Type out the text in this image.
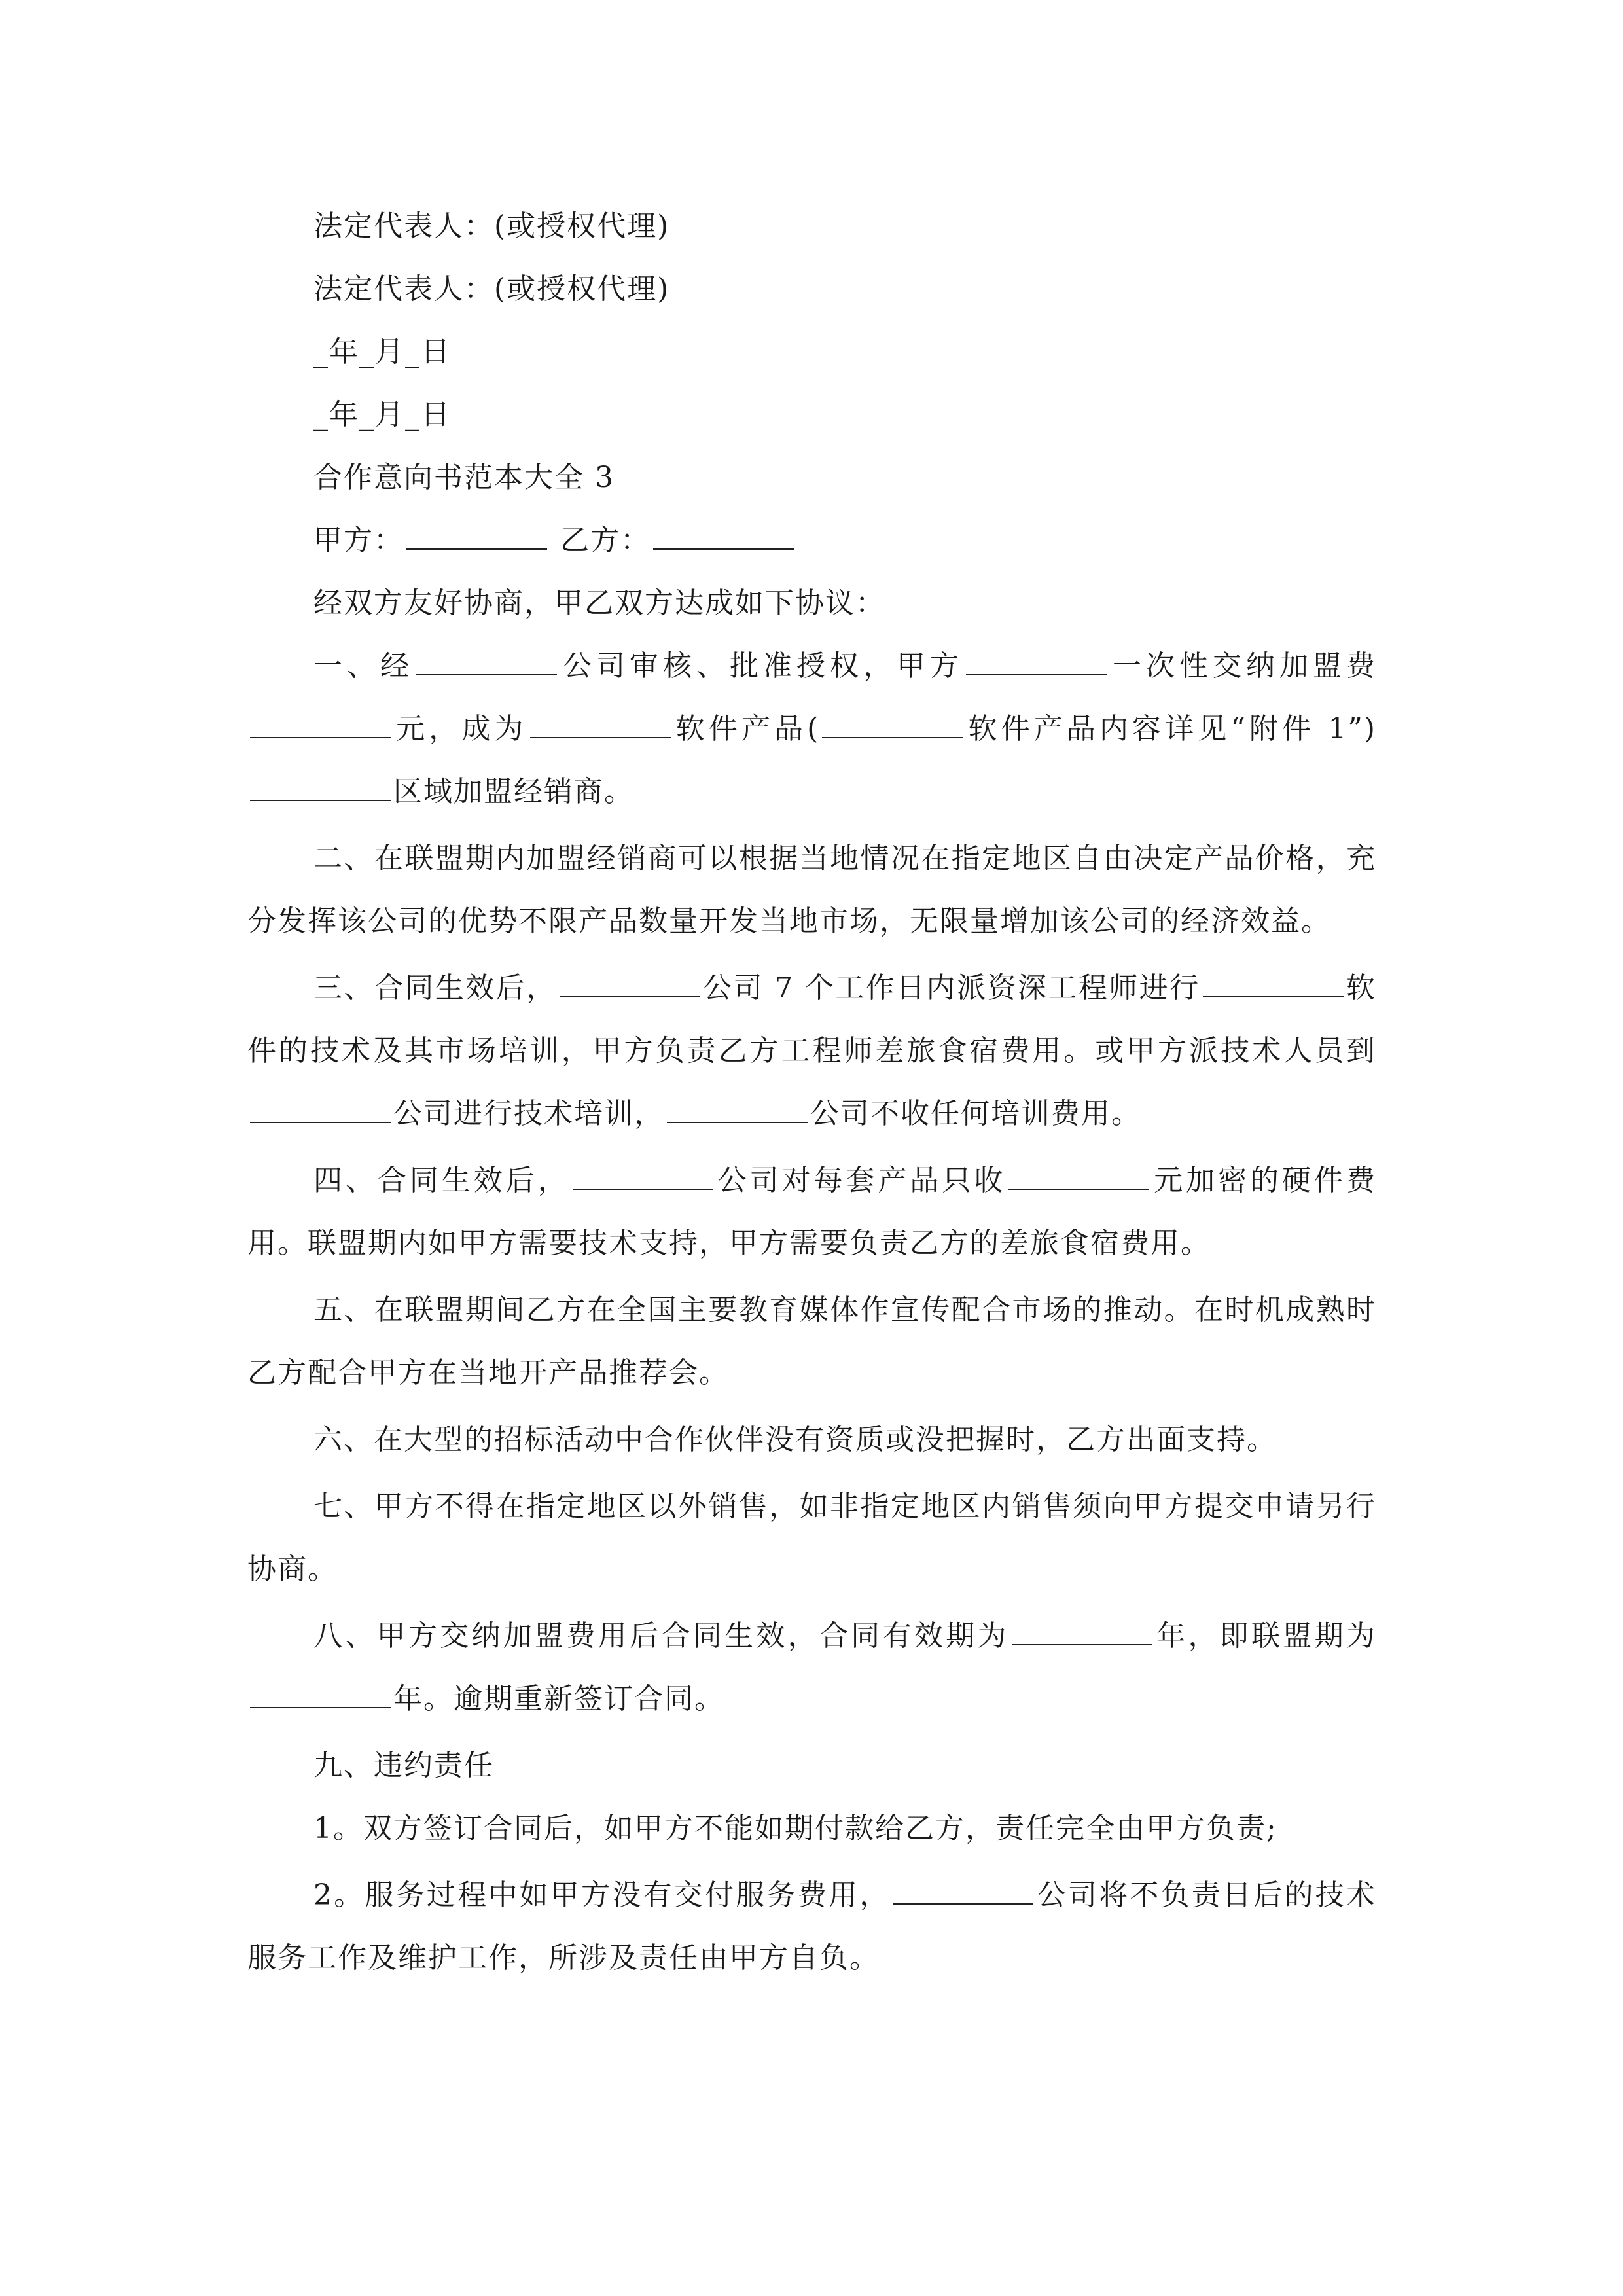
法定代表人：(或授权代理)
法定代表人：(或授权代理)
_年_月_日
_年_月_日
合作意向书范本大全 3
甲方：	乙方：
经双方友好协商，甲乙双方达成如下协议：

一、经	公司审核、批准授权，甲方	一次性交纳加盟费元，成为	软件产品(	软件产品内容详见“附件 1”)区域加盟经销商。

二、在联盟期内加盟经销商可以根据当地情况在指定地区自由决定产品价格，充分发挥该公司的优势不限产品数量开发当地市场，无限量增加该公司的经济效益。

三、合同生效后，	公司 7 个工作日内派资深工程师进行	软件的技术及其市场培训，甲方负责乙方工程师差旅食宿费用。或甲方派技术人员到公司进行技术培训，	公司不收任何培训费用。

四、合同生效后，	公司对每套产品只收	元加密的硬件费用。联盟期内如甲方需要技术支持，甲方需要负责乙方的差旅食宿费用。

五、在联盟期间乙方在全国主要教育媒体作宣传配合市场的推动。在时机成熟时乙方配合甲方在当地开产品推荐会。

六、在大型的招标活动中合作伙伴没有资质或没把握时，乙方出面支持。

七、甲方不得在指定地区以外销售，如非指定地区内销售须向甲方提交申请另行协商。

八、甲方交纳加盟费用后合同生效，合同有效期为	年，即联盟期为年。逾期重新签订合同。

九、违约责任

1。双方签订合同后，如甲方不能如期付款给乙方，责任完全由甲方负责;

2。服务过程中如甲方没有交付服务费用，	公司将不负责日后的技术服务工作及维护工作，所涉及责任由甲方自负。
